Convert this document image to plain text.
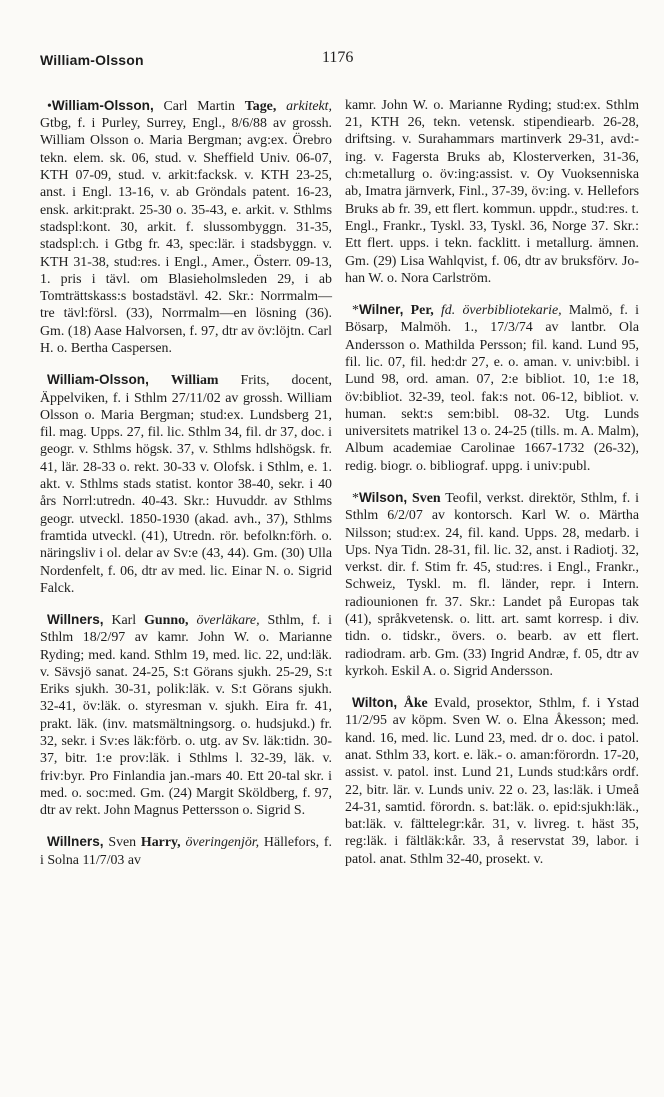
William-Olsson	1176

•William-Olsson, Carl Martin Tage, arkitekt, Gtbg, f. i Purley, Surrey, Engl., 8/6/88 av grossh. William Olsson o. Maria Bergman; avg:ex. Örebro tekn. elem. sk. 06, stud. v. Sheffield Univ. 06-07, KTH 07-09, stud. v. arkit:facksk. v. KTH 23-25, anst. i Engl. 13-16, v. ab Gröndals patent. 16-23, ensk. arkit:prakt. 25-30 o. 35-43, e. arkit. v. Sthlms stadspl:kont. 30, arkit. f. slussombyggn. 31-35, stadspl:ch. i Gtbg fr. 43, spec:lär. i stadsbyggn. v. KTH 31-38, stud:res. i Engl., Amer., Österr. 09-13, 1. pris i tävl. om Blasieholmsleden 29, i ab Tomträttskass:s bostadstävl. 42. Skr.: Norrmalm—tre tävl:försl. (33), Norrmalm—en lösning (36). Gm. (18) Aase Halvorsen, f. 97, dtr av öv:löjtn. Carl H. o. Bertha Caspersen.

William-Olsson, William Frits, docent, Äppelviken, f. i Sthlm 27/11/02 av grossh. William Olsson o. Maria Bergman; stud:ex. Lundsberg 21, fil. mag. Upps. 27, fil. lic. Sthlm 34, fil. dr 37, doc. i geogr. v. Sthlms högsk. 37, v. Sthlms hdlshögsk. fr. 41, lär. 28-33 o. rekt. 30-33 v. Olofsk. i Sthlm, e. 1. akt. v. Sthlms stads statist. kontor 38-40, sekr. i 40 års Norrl:utredn. 40-43. Skr.: Huvuddr. av Sthlms geogr. utveckl. 1850-1930 (akad. avh., 37), Sthlms framtida utveckl. (41), Utredn. rör. befolkn:förh. o. näringsliv i ol. delar av Sv:e (43, 44). Gm. (30) Ulla Nordenfelt, f. 06, dtr av med. lic. Einar N. o. Sigrid Falck.

Willners, Karl Gunno, överläkare, Sthlm, f. i Sthlm 18/2/97 av kamr. John W. o. Marianne Ryding; med. kand. Sthlm 19, med. lic. 22, und:läk. v. Sävsjö sanat. 24-25, S:t Görans sjukh. 25-29, S:t Eriks sjukh. 30-31, polik:läk. v. S:t Görans sjukh. 32-41, öv:läk. o. styresman v. sjukh. Eira fr. 41, prakt. läk. (inv. matsmältningsorg. o. hudsjukd.) fr. 32, sekr. i Sv:es läk:förb. o. utg. av Sv. läk:tidn. 30-37, bitr. 1:e prov:läk. i Sthlms l. 32-39, läk. v. friv:byr. Pro Finlandia jan.-mars 40. Ett 20-tal skr. i med. o. soc:med. Gm. (24) Margit Sköldberg, f. 97, dtr av rekt. John Magnus Pettersson o. Sigrid S.

Willners, Sven Harry, överingenjör, Hällefors, f. i Solna 11/7/03 av

kamr. John W. o. Marianne Ryding; stud:ex. Sthlm 21, KTH 26, tekn. vetensk. stipendiearb. 26-28, driftsing. v. Surahammars martinverk 29-31, avd:ing. v. Fagersta Bruks ab, Klosterverken, 31-36, ch:metallurg o. öv:ing:assist. v. Oy Vuoksenniska ab, Imatra järnverk, Finl., 37-39, öv:ing. v. Hellefors Bruks ab fr. 39, ett flert. kommun. uppdr., stud:res. t. Engl., Frankr., Tyskl. 33, Tyskl. 36, Norge 37. Skr.: Ett flert. upps. i tekn. facklitt. i metallurg. ämnen. Gm. (29) Lisa Wahlqvist, f. 06, dtr av bruksförv. Johan W. o. Nora Carlström.

*Wilner, Per, fd. överbibliotekarie, Malmö, f. i Bösarp, Malmöh. 1., 17/3/74 av lantbr. Ola Andersson o. Mathilda Persson; fil. kand. Lund 95, fil. lic. 07, fil. hed:dr 27, e. o. aman. v. univ:bibl. i Lund 98, ord. aman. 07, 2:e bibliot. 10, 1:e 18, öv:bibliot. 32-39, teol. fak:s not. 06-12, bibliot. v. human. sekt:s sem:bibl. 08-32. Utg. Lunds universitets matrikel 13 o. 24-25 (tills. m. A. Malm), Album academiae Carolinae 1667-1732 (26-32), redig. biogr. o. bibliograf. uppg. i univ:publ.

*Wilson, Sven Teofil, verkst. direktör, Sthlm, f. i Sthlm 6/2/07 av kontorsch. Karl W. o. Märtha Nilsson; stud:ex. 24, fil. kand. Upps. 28, medarb. i Ups. Nya Tidn. 28-31, fil. lic. 32, anst. i Radiotj. 32, verkst. dir. f. Stim fr. 45, stud:res. i Engl., Frankr., Schweiz, Tyskl. m. fl. länder, repr. i Intern. radiounionen fr. 37. Skr.: Landet på Europas tak (41), språkvetensk. o. litt. art. samt korresp. i div. tidn. o. tidskr., övers. o. bearb. av ett flert. radiodram. arb. Gm. (33) Ingrid Andræ, f. 05, dtr av kyrkoh. Eskil A. o. Sigrid Andersson.

Wilton, Åke Evald, prosektor, Sthlm, f. i Ystad 11/2/95 av köpm. Sven W. o. Elna Åkesson; med. kand. 16, med. lic. Lund 23, med. dr o. doc. i patol. anat. Sthlm 33, kort. e. läk.- o. aman:förordn. 17-20, assist. v. patol. inst. Lund 21, Lunds stud:kårs ordf. 22, bitr. lär. v. Lunds univ. 22 o. 23, las:läk. i Umeå 24-31, samtid. förordn. s. bat:läk. o. epid:sjukh:läk., bat:läk. v. fälttelegr:kår. 31, v. livreg. t. häst 35, reg:läk. i fältläk:kår. 33, å reservstat 39, labor. i patol. anat. Sthlm 32-40, prosekt. v.
